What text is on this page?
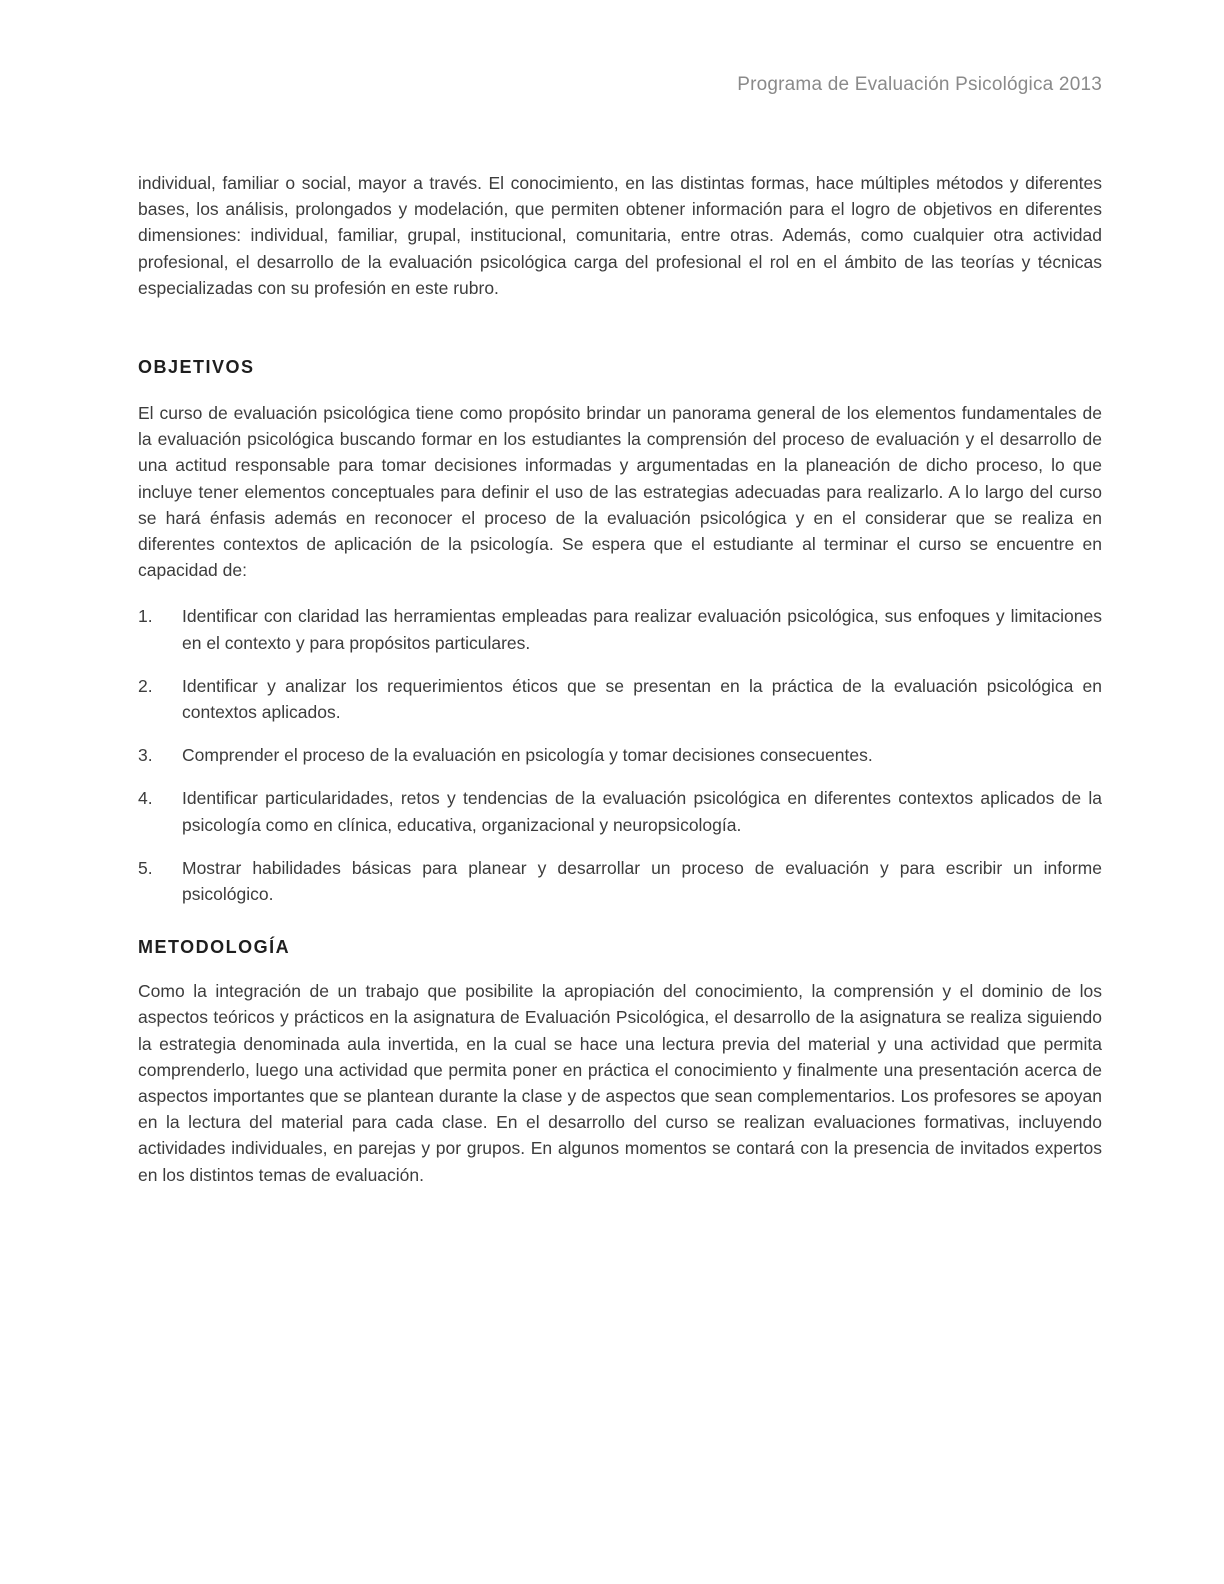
Programa de Evaluación Psicológica 2013

individual, familiar o social, mayor a través. El conocimiento, en las distintas formas, hace múltiples métodos y diferentes bases, los análisis, prolongados y modelación, que permiten obtener información para el logro de objetivos en diferentes dimensiones: individual, familiar, grupal, institucional, comunitaria, entre otras. Además, como cualquier otra actividad profesional, el desarrollo de la evaluación psicológica carga del profesional el rol en el ámbito de las teorías y técnicas especializadas con su profesión en este rubro.

OBJETIVOS

El curso de evaluación psicológica tiene como propósito brindar un panorama general de los elementos fundamentales de la evaluación psicológica buscando formar en los estudiantes la comprensión del proceso de evaluación y el desarrollo de una actitud responsable para tomar decisiones informadas y argumentadas en la planeación de dicho proceso, lo que incluye tener elementos conceptuales para definir el uso de las estrategias adecuadas para realizarlo. A lo largo del curso se hará énfasis además en reconocer el proceso de la evaluación psicológica y en el considerar que se realiza en diferentes contextos de aplicación de la psicología. Se espera que el estudiante al terminar el curso se encuentre en capacidad de:

1.	Identificar con claridad las herramientas empleadas para realizar evaluación psicológica, sus enfoques y limitaciones en el contexto y para propósitos particulares.
2.	Identificar y analizar los requerimientos éticos que se presentan en la práctica de la evaluación psicológica en contextos aplicados.
3.	Comprender el proceso de la evaluación en psicología y tomar decisiones consecuentes.
4.	Identificar particularidades, retos y tendencias de la evaluación psicológica en diferentes contextos aplicados de la psicología como en clínica, educativa, organizacional y neuropsicología.
5.	Mostrar habilidades básicas para planear y desarrollar un proceso de evaluación y para escribir un informe psicológico.
METODOLOGÍA

Como la integración de un trabajo que posibilite la apropiación del conocimiento, la comprensión y el dominio de los aspectos teóricos y prácticos en la asignatura de Evaluación Psicológica, el desarrollo de la asignatura se realiza siguiendo la estrategia denominada aula invertida, en la cual se hace una lectura previa del material y una actividad que permita comprenderlo, luego una actividad que permita poner en práctica el conocimiento y finalmente una presentación acerca de aspectos importantes que se plantean durante la clase y de aspectos que sean complementarios. Los profesores se apoyan en la lectura del material para cada clase. En el desarrollo del curso se realizan evaluaciones formativas, incluyendo actividades individuales, en parejas y por grupos. En algunos momentos se contará con la presencia de invitados expertos en los distintos temas de evaluación.
